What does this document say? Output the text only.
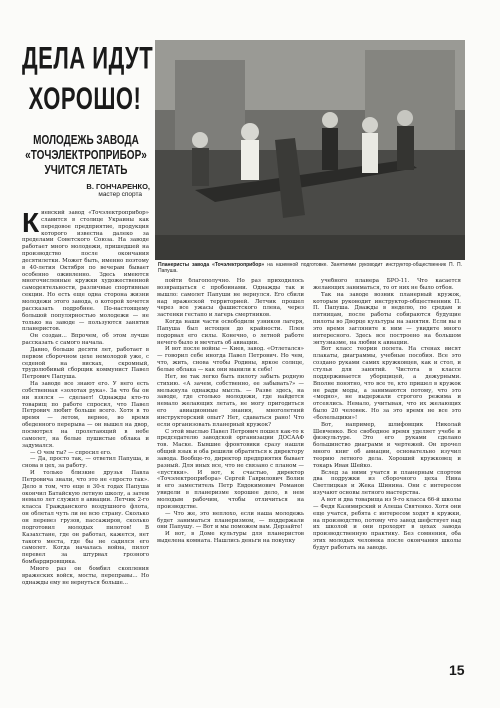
ДЕЛА ИДУТ
ХОРОШО!
МОЛОДЕЖЬ ЗАВОДА
«ТОЧЭЛЕКТРОПРИБОР»
УЧИТСЯ ЛЕТАТЬ
В. ГОНЧАРЕНКО,
мастер спорта
Планеристы завода «Точэлектроприбор» на наземной подготовке. Занятиями руководит инструктор-общественник П. П. Папуша.

Киевский завод «Точэлектроприбор» славится в столице Украины как передовое предприятие, продукция которого известна далеко за пределами Советского Союза. На заводе работает много молодежи, пришедшей на производство после окончания десятилетки. Может быть, именно поэтому в 40-летия Октября по вечерам бывает особенно оживленно. Здесь имеются многочисленные кружки художественной самодеятельности, различные спортивные секции. Но есть еще одна сторона жизни молодежи этого завода, о которой хочется рассказать подробнее. По-настоящему большой популярностью молодежи — не только на заводе — пользуются занятия планеристов.

Он создан... Впрочем, об этом лучше рассказать с самого начала.

Давно, больше десяти лет, работает в первом сборочном цехе немолодой уже, с седеной на висках, скромный, трудолюбивый сборщик коммунист Павел Петрович Папуша.

На заводе все знают его. У него есть собственная «золотая рука». За что бы он ни взялся — сделает! Однажды кто-то товарищ по работе спросил, что Павел Петрович любит больше всего. Хотя в то время — летом, вернее, во время обеденного перерыва — он вышел на двор, посмотрел на пролетающий в небе самолет, на белые пушистые облака и задумался.

— О чем ты? — спросил его.

— Да, просто так, — ответил Папуша, и снова в цех, за работу.

И только близкие друзья Павла Петровича знали, что это не «просто так». Дело в том, что еще в 30-х годах Папуша окончил Батайскую летную школу, а затем немало лет служил в авиации. Летчик 2-го класса Гражданского воздушного флота, он облетал чуть ли не всю страну. Сколько он перевез грузов, пассажиров, сколько подготовил молодых пилотов! В Казахстане, где он работал, кажется, нет такого места, где бы не садился его самолет. Когда началась война, пилот перевел за штурвал грозного бомбардировщика.

Много раз он бомбил скопления вражеских войск, мосты, переправы... Но однажды ему не вернуться больше...

пойти благополучно. Но раз приходилось возвращаться с пробоинами. Однажды так и вышло: самолет Папуши не вернулся. Его сбили над вражеской территорией. Летчик прошел через все ужасы фашистского плена, через застенки гестапо и лагерь смертников.

Когда наши части освободили узников лагеря, Папуша был истощен до крайности. Плен подорвал его силы. Конечно, о летной работе нечего было и мечтать об авиации.

И вот после войны — Киев, завод. «Отлетался» — говорил себе иногда Павел Петрович. Но чем, что, жить, снова чтобы Родины, яркое солнце, белые облака — как они манили к себе!

Нет, не так легко быть пилоту забыть родную стихию. «А зачем, собственно, ее забывать?» — мелькнула однажды мысль. — Разве здесь, на заводе, где столько молодежи, где найдется немало желающих летать, не могу пригодиться его авиационные знания, многолетний инструкторский опыт? Нет, сдаваться рано! Что если организовать планерный кружок?

С этой мыслью Павел Петрович пошел как-то к председателю заводской организации ДОСААФ тов. Маске. Бывшие фронтовики сразу нашли общий язык и оба решили обратиться к директору завода. Вообще-то, директор предприятия бывает разный. Для иных все, что не связано с планом — «пустяки». И вот, к счастью, директор «Точэлектроприбора» Сергей Гаврилович Волин и его заместитель Петр Евдокимович Романов увидели в планеризме хорошее дело, в нем молодым рабочим, чтобы отличиться на производстве.

— Что же, это неплохо, если наша молодежь будет заниматься планеризмом, — поддержали они Папушу. — Вот и мы поможем вам. Дерзайте!

И вот, в Доме культуры для планеристов выделена комната. Нашлись деньги на покупку

учебного планера БРО-11. Что касается желающих заниматься, то от них не было отбоя.

Так на заводе возник планерный кружок, которым руководит инструктор-общественник П. П. Папуша. Дважды в неделю, по средам и пятницам, после работы собираются будущие пилоты во Дворце культуры на занятия. Если вы в это время загляните к ним — увидите много интересного. Здесь все построено на большом энтузиазме, на любви к авиации.

Вот класс теории полета. На стенах висят плакаты, диаграммы, учебные пособия. Все это создано руками самих кружковцев, как и стол, и стулья для занятий. Чистота в классе поддерживается уборщицей, а дежурными. Вполне понятно, что все те, кто пришел в кружок не ради моды, а занимаются потому, что это «модно», не выдержали строгого режима и отсеялись. Немало, учитывая, что их желающих было 20 человек. Но за это время не все это «болельщики»!

Вот, например, шлифовщик Николай Шевченко. Все свободное время уделяет учебе и физкультуре. Это его руками сделано большинство диаграмм и чертежей. Он прочел много книг об авиации, основательно изучил теорию летного дела. Хороший кружковец и токарь Иван Шейко.

Вслед за ними учатся и планерным спортом два подружки из сборочного цеха Нина Светлицкая и Жека Шинина. Они с интересом изучают основы летного мастерства.

А вот и два товарища из 9-го класса 66-й школы — Федя Казимирский и Алеша Святенко. Хотя они еще учатся, ребята с интересом ходят в кружки, на производство, потому что завод шефствует над их школой и они проходят в цехах завода производственную практику. Без сомнения, оба этих молодых человека после окончания школы будут работать на заводе.

15
